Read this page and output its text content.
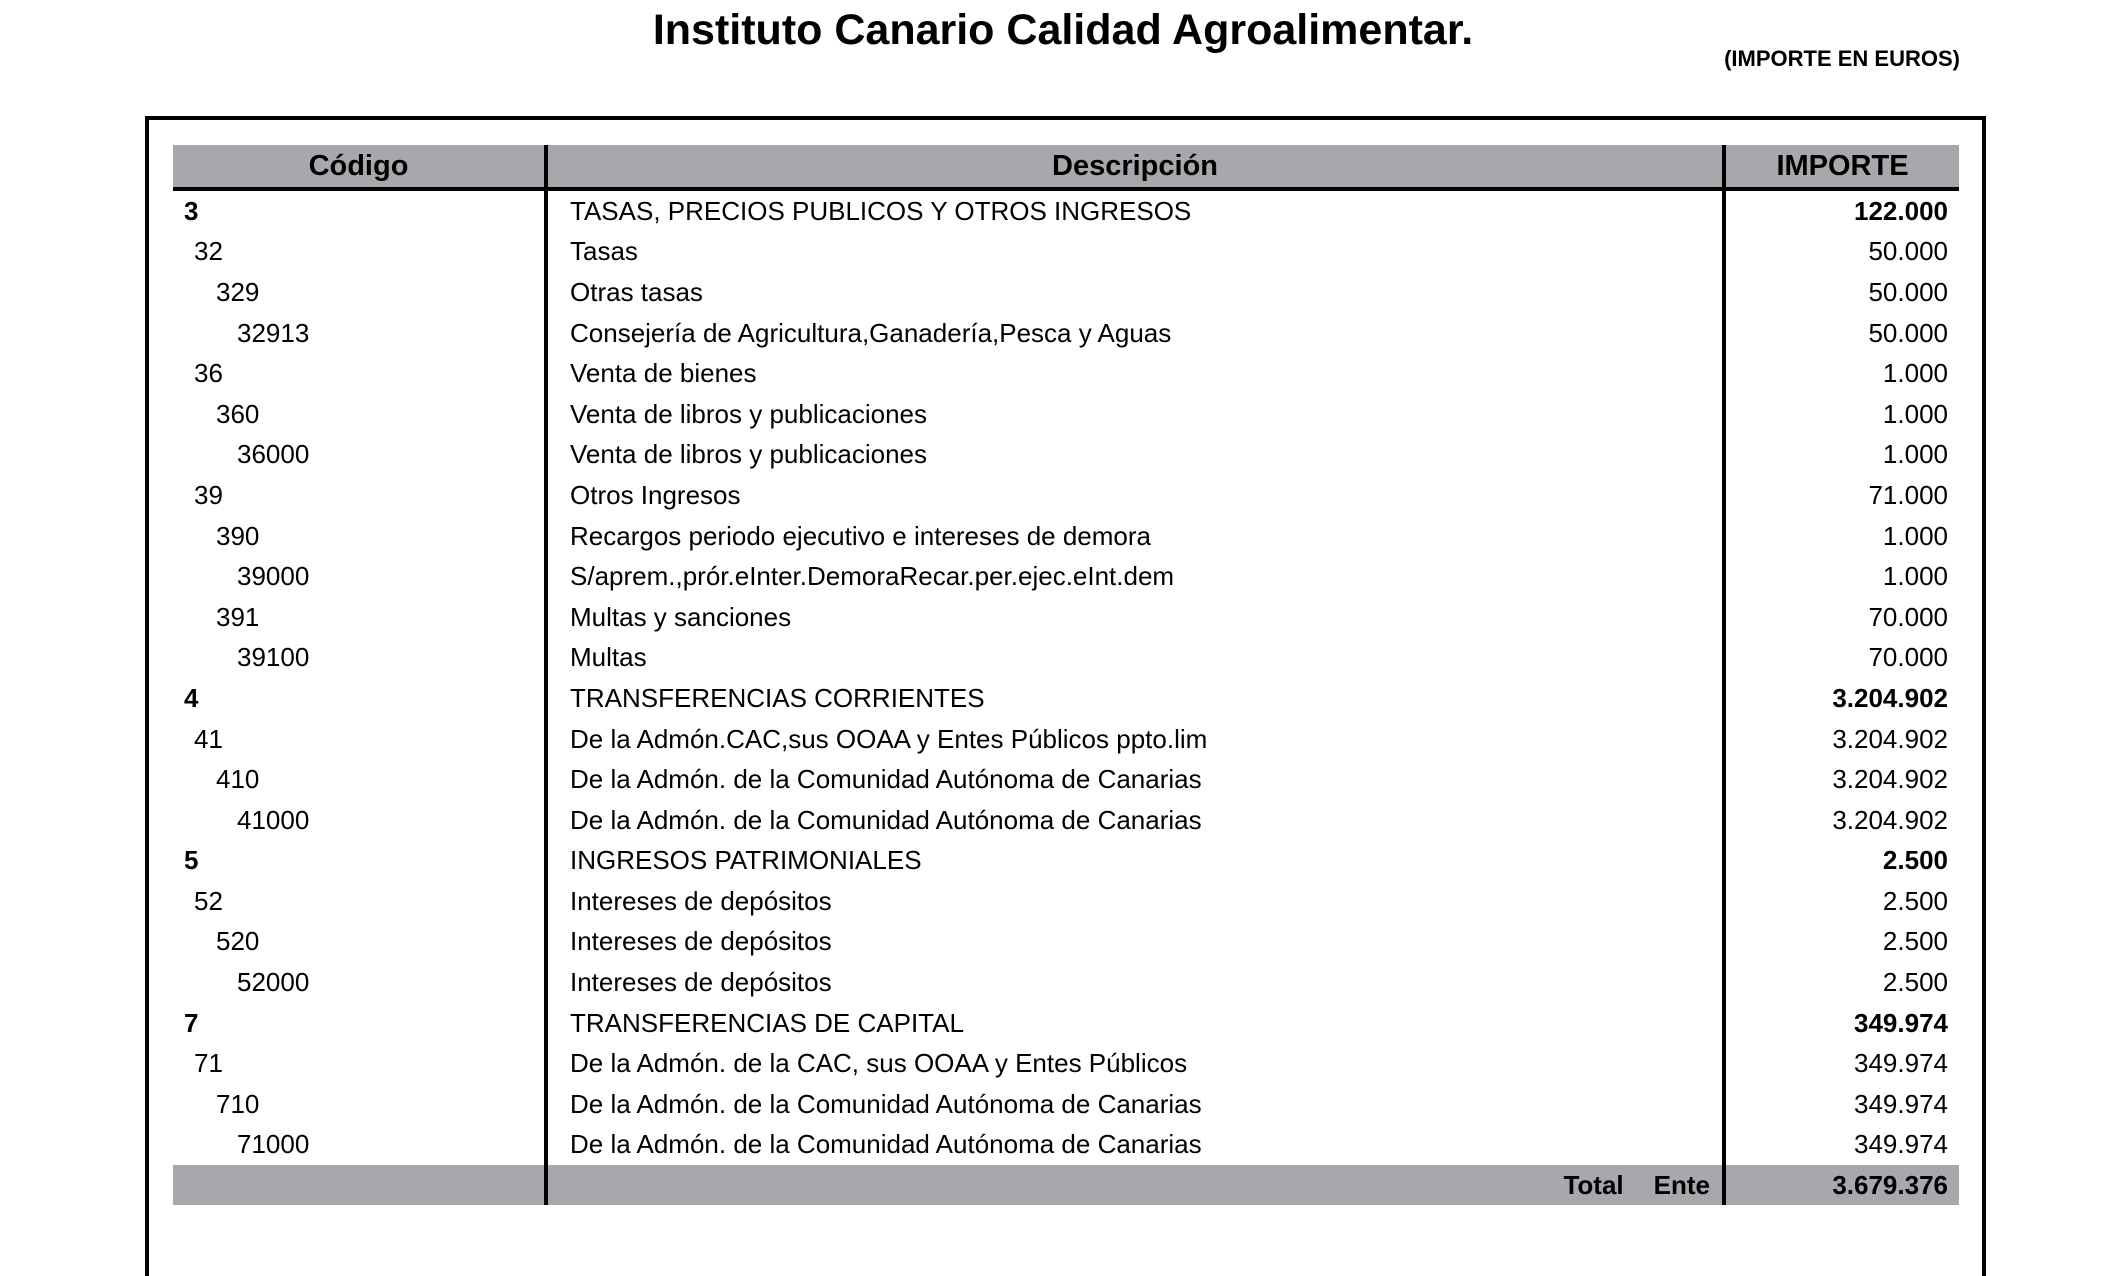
Instituto Canario Calidad Agroalimentar.
(IMPORTE EN EUROS)
Código	Descripción	IMPORTE
3	TASAS, PRECIOS PUBLICOS Y OTROS INGRESOS	122.000
32	Tasas	50.000
329	Otras tasas	50.000
32913	Consejería de Agricultura,Ganadería,Pesca y Aguas	50.000
36	Venta de bienes	1.000
360	Venta de libros y publicaciones	1.000
36000	Venta de libros y publicaciones	1.000
39	Otros Ingresos	71.000
390	Recargos periodo ejecutivo e intereses de demora	1.000
39000	S/aprem.,prór.eInter.DemoraRecar.per.ejec.eInt.dem	1.000
391	Multas y sanciones	70.000
39100	Multas	70.000
4	TRANSFERENCIAS CORRIENTES	3.204.902
41	De la Admón.CAC,sus OOAA y Entes Públicos ppto.lim	3.204.902
410	De la Admón. de la Comunidad Autónoma de Canarias	3.204.902
41000	De la Admón. de la Comunidad Autónoma de Canarias	3.204.902
5	INGRESOS PATRIMONIALES	2.500
52	Intereses de depósitos	2.500
520	Intereses de depósitos	2.500
52000	Intereses de depósitos	2.500
7	TRANSFERENCIAS DE CAPITAL	349.974
71	De la Admón. de la CAC, sus OOAA y Entes Públicos	349.974
710	De la Admón. de la Comunidad Autónoma de Canarias	349.974
71000	De la Admón. de la Comunidad Autónoma de Canarias	349.974
	Total Ente	3.679.376
